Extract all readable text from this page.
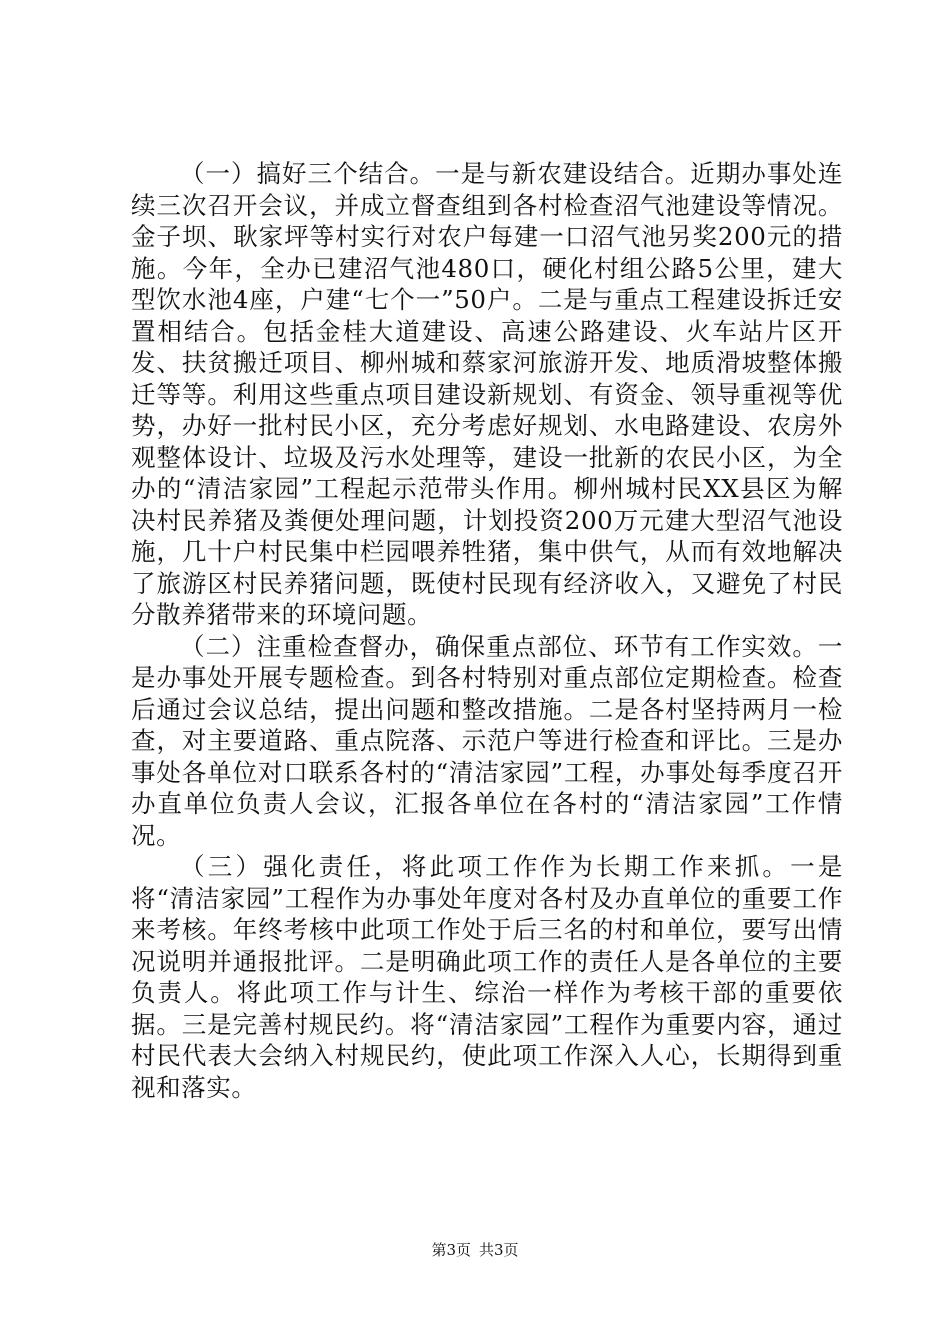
（一）搞好三个结合。一是与新农建设结合。近期办事处连续三次召开会议，并成立督查组到各村检查沼气池建设等情况。金子坝、耿家坪等村实行对农户每建一口沼气池另奖200元的措施。今年，全办已建沼气池480口，硬化村组公路5公里，建大型饮水池4座，户建“七个一”50户。二是与重点工程建设拆迁安置相结合。包括金桂大道建设、高速公路建设、火车站片区开发、扶贫搬迁项目、柳州城和蔡家河旅游开发、地质滑坡整体搬迁等等。利用这些重点项目建设新规划、有资金、领导重视等优势，办好一批村民小区，充分考虑好规划、水电路建设、农房外观整体设计、垃圾及污水处理等，建设一批新的农民小区，为全办的“清洁家园”工程起示范带头作用。柳州城村民XX县区为解决村民养猪及粪便处理问题，计划投资200万元建大型沼气池设施，几十户村民集中栏园喂养牲猪，集中供气，从而有效地解决了旅游区村民养猪问题，既使村民现有经济收入，又避免了村民分散养猪带来的环境问题。

（二）注重检查督办，确保重点部位、环节有工作实效。一是办事处开展专题检查。到各村特别对重点部位定期检查。检查后通过会议总结，提出问题和整改措施。二是各村坚持两月一检查，对主要道路、重点院落、示范户等进行检查和评比。三是办事处各单位对口联系各村的“清洁家园”工程，办事处每季度召开办直单位负责人会议，汇报各单位在各村的“清洁家园”工作情况。

（三）强化责任，将此项工作作为长期工作来抓。一是将“清洁家园”工程作为办事处年度对各村及办直单位的重要工作来考核。年终考核中此项工作处于后三名的村和单位，要写出情况说明并通报批评。二是明确此项工作的责任人是各单位的主要负责人。将此项工作与计生、综治一样作为考核干部的重要依据。三是完善村规民约。将“清洁家园”工程作为重要内容，通过村民代表大会纳入村规民约，使此项工作深入人心，长期得到重视和落实。

第3页 共3页
